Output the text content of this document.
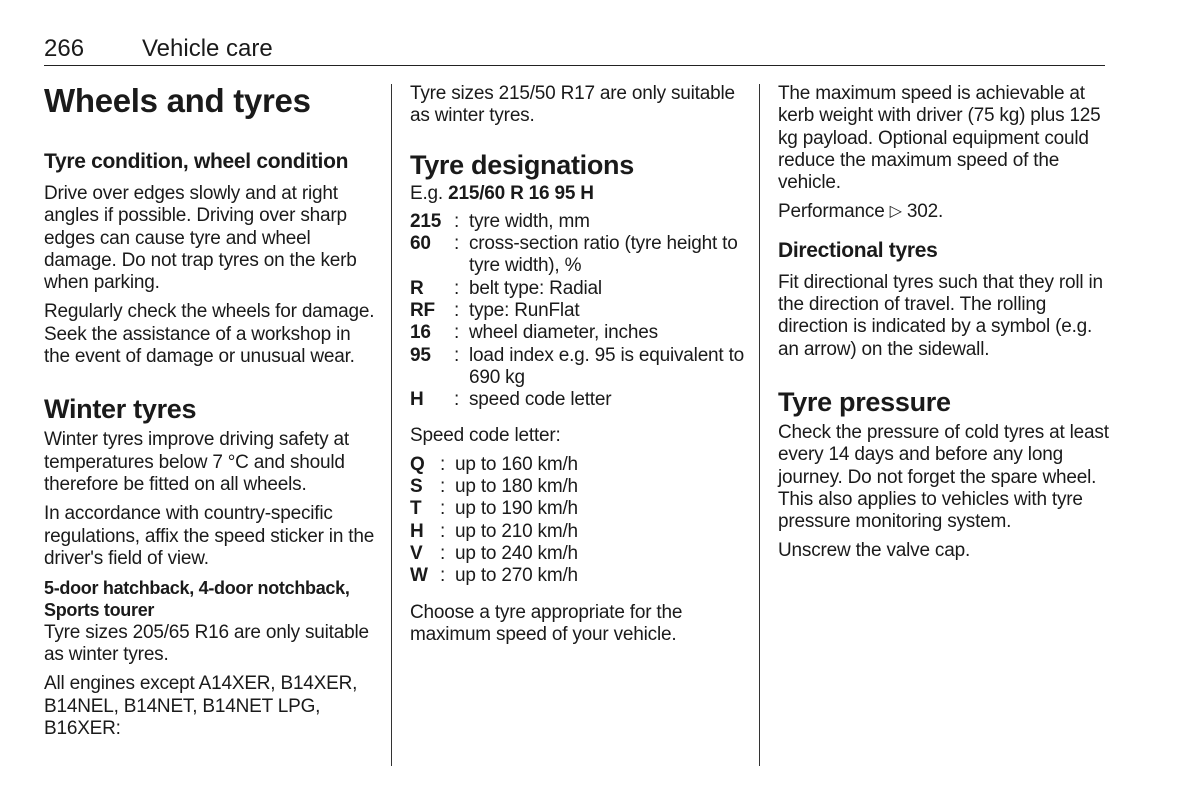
266 Vehicle care
Wheels and tyres
Tyre condition, wheel condition

Drive over edges slowly and at right angles if possible. Driving over sharp edges can cause tyre and wheel damage. Do not trap tyres on the kerb when parking.

Regularly check the wheels for damage. Seek the assistance of a workshop in the event of damage or unusual wear.

Winter tyres

Winter tyres improve driving safety at temperatures below 7 °C and should therefore be fitted on all wheels.

In accordance with country-specific regulations, affix the speed sticker in the driver's field of view.

5-door hatchback, 4-door notchback, Sports tourer

Tyre sizes 205/65 R16 are only suitable as winter tyres.

All engines except A14XER, B14XER, B14NEL, B14NET, B14NET LPG, B16XER:

Tyre sizes 215/50 R17 are only suitable as winter tyres.

Tyre designations

E.g. 215/60 R 16 95 H

215 : tyre width, mm
60	: cross-section ratio (tyre height to tyre width), %
R	: belt type: Radial
RF	: type: RunFlat
16	: wheel diameter, inches
95	: load index e.g. 95 is equivalent to 690 kg
H	: speed code letter

Speed code letter:

Q : up to 160 km/h
S : up to 180 km/h
T : up to 190 km/h
H : up to 210 km/h
V : up to 240 km/h
W : up to 270 km/h

Choose a tyre appropriate for the maximum speed of your vehicle.

The maximum speed is achievable at kerb weight with driver (75 kg) plus 125 kg payload. Optional equipment could reduce the maximum speed of the vehicle.

Performance ▷ 302.

Directional tyres

Fit directional tyres such that they roll in the direction of travel. The rolling direction is indicated by a symbol (e.g. an arrow) on the sidewall.

Tyre pressure

Check the pressure of cold tyres at least every 14 days and before any long journey. Do not forget the spare wheel. This also applies to vehicles with tyre pressure monitoring system.

Unscrew the valve cap.
